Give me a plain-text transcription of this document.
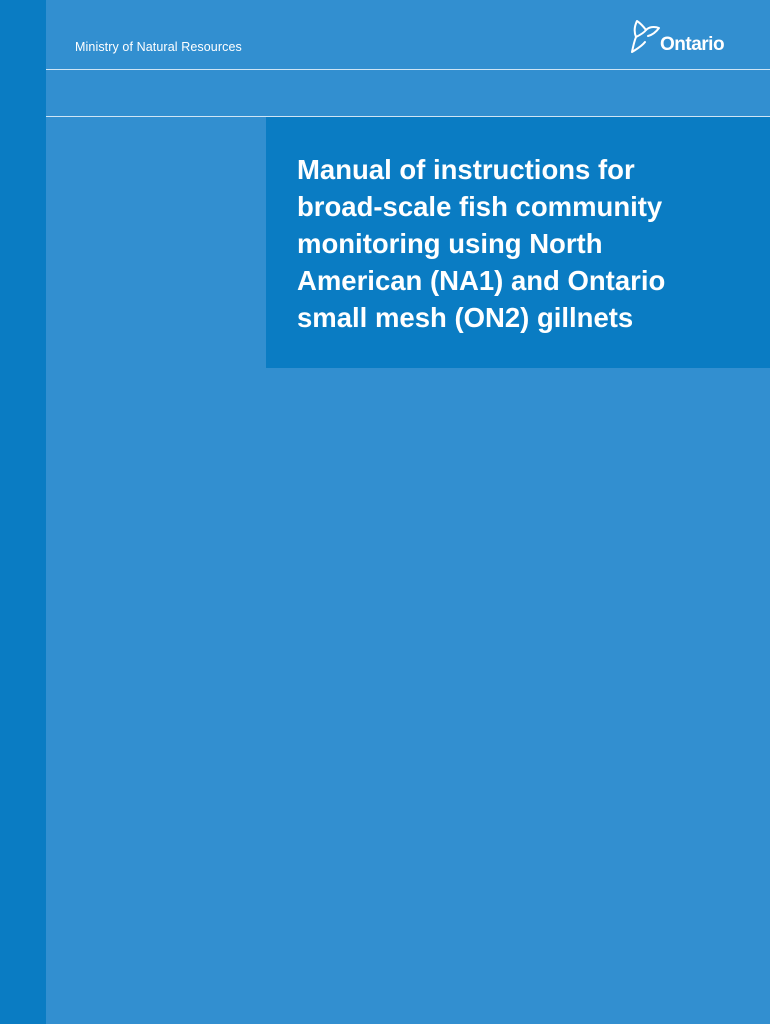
Ministry of Natural Resources	Ontario
Manual of instructions for
broad-scale fish community
monitoring using North
American (NA1) and Ontario
small mesh (ON2) gillnets
